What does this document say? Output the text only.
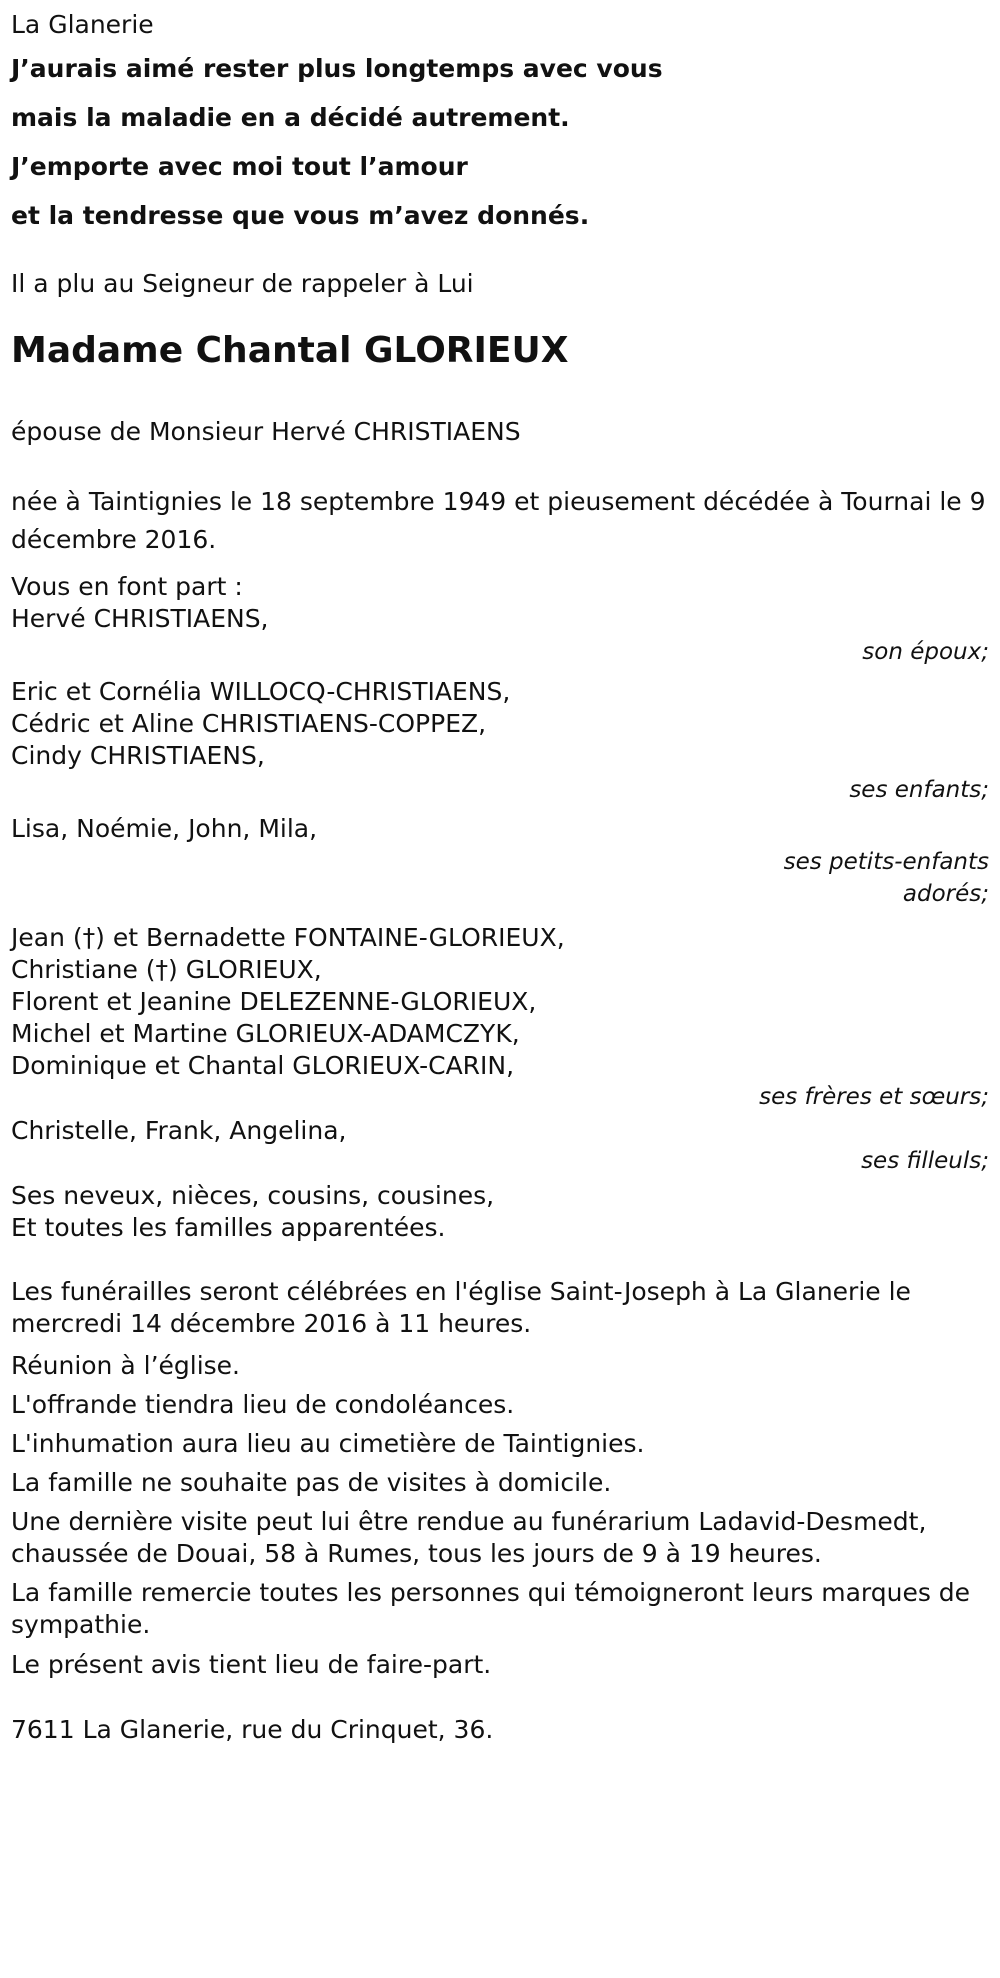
La Glanerie
J’aurais aimé rester plus longtemps avec vous
mais la maladie en a décidé autrement.
J’emporte avec moi tout l’amour
et la tendresse que vous m’avez donnés.
Il a plu au Seigneur de rappeler à Lui
Madame Chantal GLORIEUX
épouse de Monsieur Hervé CHRISTIAENS
née à Taintignies le 18 septembre 1949 et pieusement décédée à Tournai le 9 décembre 2016.
Vous en font part :
Hervé CHRISTIAENS,
son époux;
Eric et Cornélia WILLOCQ-CHRISTIAENS,
Cédric et Aline CHRISTIAENS-COPPEZ,
Cindy CHRISTIAENS,
ses enfants;
Lisa, Noémie, John, Mila,
ses petits-enfants
adorés;
Jean (†) et Bernadette FONTAINE-GLORIEUX,
Christiane (†) GLORIEUX,
Florent et Jeanine DELEZENNE-GLORIEUX,
Michel et Martine GLORIEUX-ADAMCZYK,
Dominique et Chantal GLORIEUX-CARIN,
ses frères et sœurs;
Christelle, Frank, Angelina,
ses filleuls;
Ses neveux, nièces, cousins, cousines,
Et toutes les familles apparentées.
Les funérailles seront célébrées en l'église Saint-Joseph à La Glanerie le mercredi 14 décembre 2016 à 11 heures.
Réunion à l’église.
L'offrande tiendra lieu de condoléances.
L'inhumation aura lieu au cimetière de Taintignies.
La famille ne souhaite pas de visites à domicile.
Une dernière visite peut lui être rendue au funérarium Ladavid-Desmedt, chaussée de Douai, 58 à Rumes, tous les jours de 9 à 19 heures.
La famille remercie toutes les personnes qui témoigneront leurs marques de sympathie.
Le présent avis tient lieu de faire-part.
7611 La Glanerie, rue du Crinquet, 36.
